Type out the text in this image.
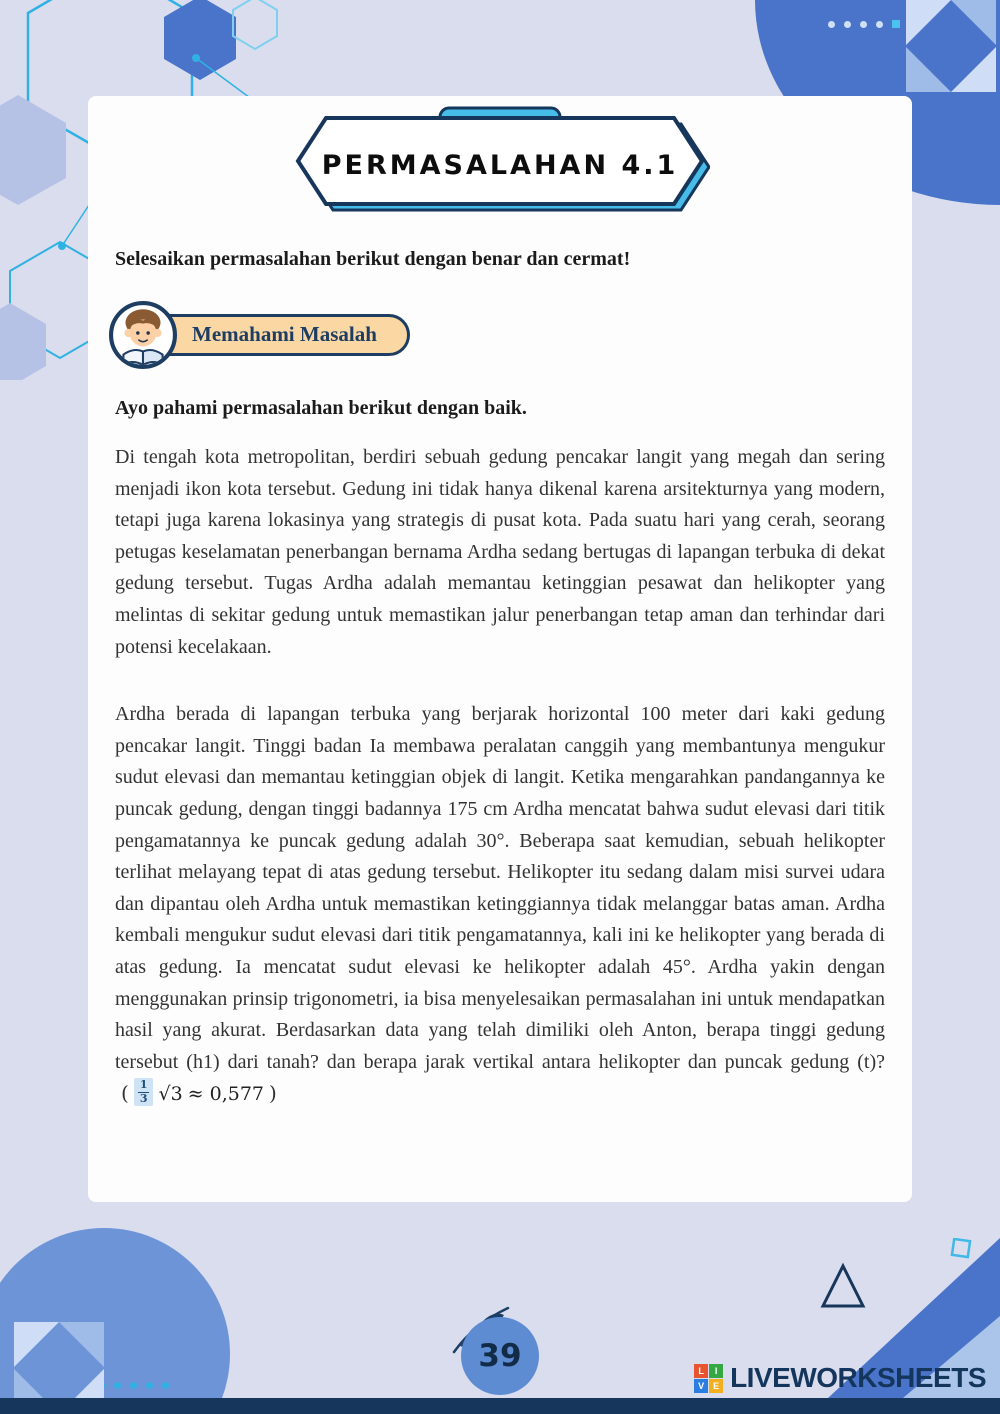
PERMASALAHAN 4.1
Selesaikan permasalahan berikut dengan benar dan cermat!
Memahami Masalah
Ayo pahami permasalahan berikut dengan baik.

Di tengah kota metropolitan, berdiri sebuah gedung pencakar langit yang megah dan sering menjadi ikon kota tersebut. Gedung ini tidak hanya dikenal karena arsitekturnya yang modern, tetapi juga karena lokasinya yang strategis di pusat kota. Pada suatu hari yang cerah, seorang petugas keselamatan penerbangan bernama Ardha sedang bertugas di lapangan terbuka di dekat gedung tersebut. Tugas Ardha adalah memantau ketinggian pesawat dan helikopter yang melintas di sekitar gedung untuk memastikan jalur penerbangan tetap aman dan terhindar dari potensi kecelakaan.

Ardha berada di lapangan terbuka yang berjarak horizontal 100 meter dari kaki gedung pencakar langit. Tinggi badan Ia membawa peralatan canggih yang membantunya mengukur sudut elevasi dan memantau ketinggian objek di langit. Ketika mengarahkan pandangannya ke puncak gedung, dengan tinggi badannya 175 cm Ardha mencatat bahwa sudut elevasi dari titik pengamatannya ke puncak gedung adalah 30°. Beberapa saat kemudian, sebuah helikopter terlihat melayang tepat di atas gedung tersebut. Helikopter itu sedang dalam misi survei udara dan dipantau oleh Ardha untuk memastikan ketinggiannya tidak melanggar batas aman. Ardha kembali mengukur sudut elevasi dari titik pengamatannya, kali ini ke helikopter yang berada di atas gedung. Ia mencatat sudut elevasi ke helikopter adalah 45°. Ardha yakin dengan menggunakan prinsip trigonometri, ia bisa menyelesaikan permasalahan ini untuk mendapatkan hasil yang akurat. Berdasarkan data yang telah dimiliki oleh Anton, berapa tinggi gedung tersebut (h1) dari tanah? dan berapa jarak vertikal antara helikopter dan puncak gedung (t)?
( $\frac{1}{3} √3 \approx 0,577$ )

39	L	I
V E LIVEWORKSHEETS
